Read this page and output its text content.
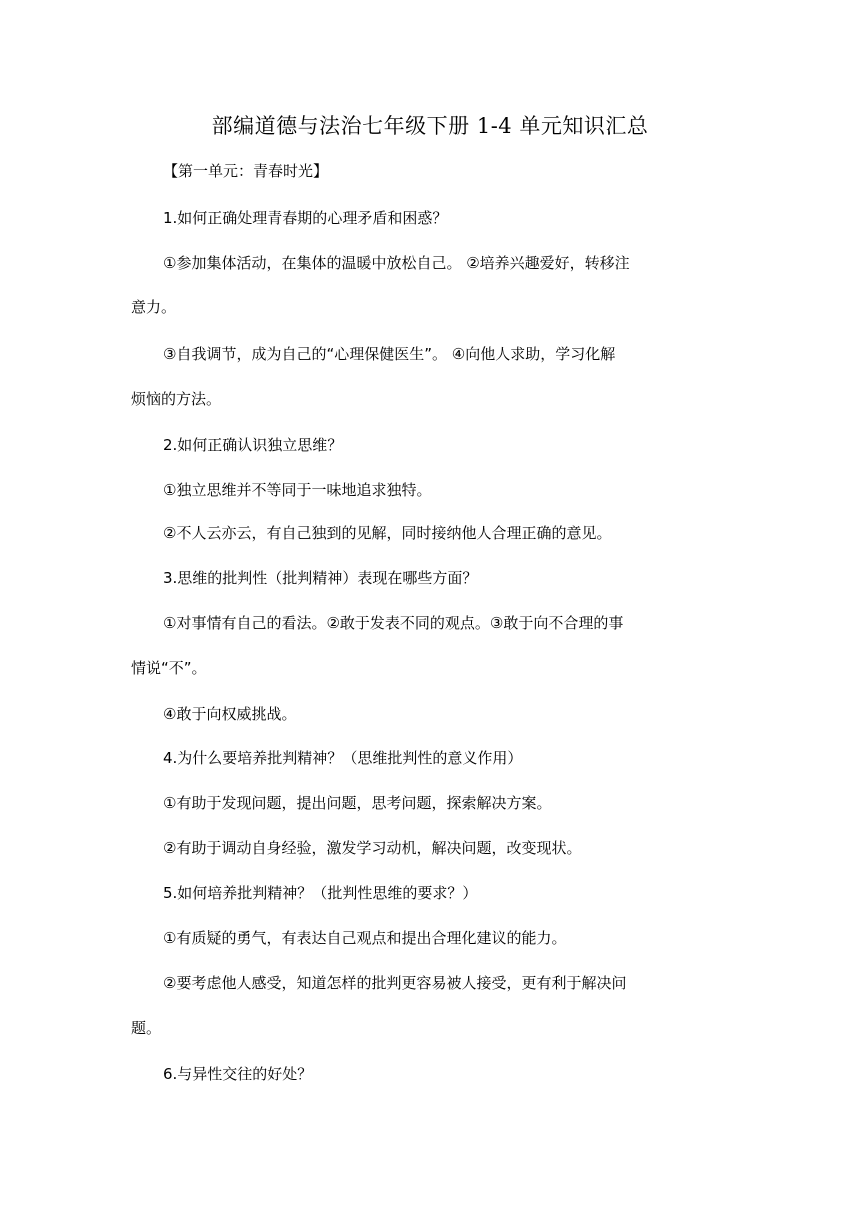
部编道德与法治七年级下册 1-4 单元知识汇总
【第一单元：青春时光】
1.如何正确处理青春期的心理矛盾和困惑？
①参加集体活动，在集体的温暖中放松自己。 ②培养兴趣爱好，转移注
意力。
③自我调节，成为自己的“心理保健医生”。 ④向他人求助，学习化解
烦恼的方法。
2.如何正确认识独立思维？
①独立思维并不等同于一味地追求独特。
②不人云亦云，有自己独到的见解，同时接纳他人合理正确的意见。
3.思维的批判性（批判精神）表现在哪些方面？
①对事情有自己的看法。②敢于发表不同的观点。③敢于向不合理的事
情说“不”。
④敢于向权威挑战。
4.为什么要培养批判精神？（思维批判性的意义作用）
①有助于发现问题，提出问题，思考问题，探索解决方案。
②有助于调动自身经验，激发学习动机，解决问题，改变现状。
5.如何培养批判精神？（批判性思维的要求？）
①有质疑的勇气，有表达自己观点和提出合理化建议的能力。
②要考虑他人感受，知道怎样的批判更容易被人接受，更有利于解决问
题。
6.与异性交往的好处？
